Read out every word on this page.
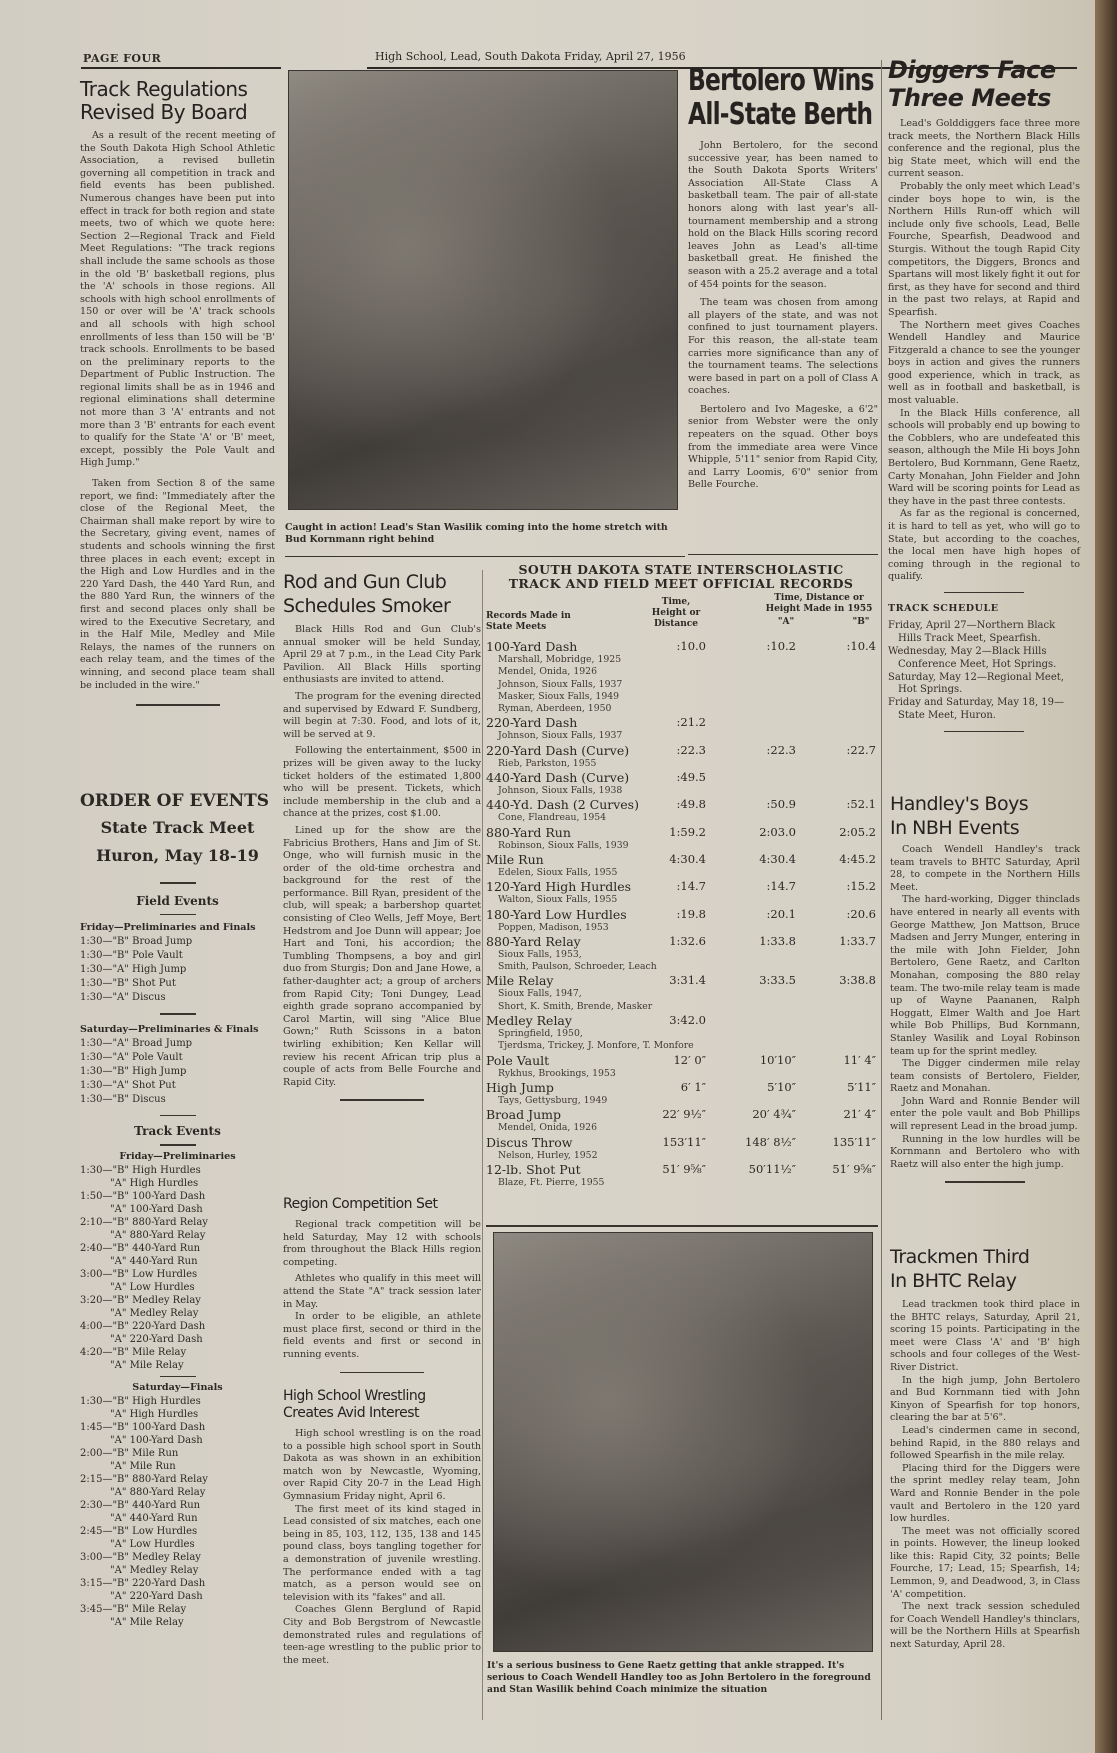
PAGE FOUR	High School, Lead, South Dakota Friday, April 27, 1956
Track Regulations
Revised By Board

As a result of the recent meeting of the South Dakota High School Athletic Association, a revised bulletin governing all competition in track and field events has been published. Numerous changes have been put into effect in track for both region and state meets, two of which we quote here: Section 2—Regional Track and Field Meet Regulations: "The track regions shall include the same schools as those in the old 'B' basketball regions, plus the 'A' schools in those regions. All schools with high school enrollments of 150 or over will be 'A' track schools and all schools with high school enrollments of less than 150 will be 'B' track schools. Enrollments to be based on the preliminary reports to the Department of Public Instruction. The regional limits shall be as in 1946 and regional eliminations shall determine not more than 3 'A' entrants and not more than 3 'B' entrants for each event to qualify for the State 'A' or 'B' meet, except, possibly the Pole Vault and High Jump."

Taken from Section 8 of the same report, we find: "Immediately after the close of the Regional Meet, the Chairman shall make report by wire to the Secretary, giving event, names of students and schools winning the first three places in each event; except in the High and Low Hurdles and in the 220 Yard Dash, the 440 Yard Run, and the 880 Yard Run, the winners of the first and second places only shall be wired to the Executive Secretary, and in the Half Mile, Medley and Mile Relays, the names of the runners on each relay team, and the times of the winning, and second place team shall be included in the wire."

ORDER OF EVENTS
State Track Meet
Huron, May 18-19
Field Events
Friday—Preliminaries and Finals
1:30—"B" Broad Jump
1:30—"B" Pole Vault
1:30—"A" High Jump
1:30—"B" Shot Put
1:30—"A" Discus
Saturday—Preliminaries & Finals
1:30—"A" Broad Jump
1:30—"A" Pole Vault
1:30—"B" High Jump
1:30—"A" Shot Put
1:30—"B" Discus
Track Events
Friday—Preliminaries
1:30—"B" High Hurdles
"A" High Hurdles
1:50—"B" 100-Yard Dash
"A" 100-Yard Dash
2:10—"B" 880-Yard Relay
"A" 880-Yard Relay
2:40—"B" 440-Yard Run
"A" 440-Yard Run
3:00—"B" Low Hurdles
"A" Low Hurdles
3:20—"B" Medley Relay
"A" Medley Relay
4:00—"B" 220-Yard Dash
"A" 220-Yard Dash
4:20—"B" Mile Relay
"A" Mile Relay
Saturday—Finals
1:30—"B" High Hurdles
"A" High Hurdles
1:45—"B" 100-Yard Dash
"A" 100-Yard Dash
2:00—"B" Mile Run
"A" Mile Run
2:15—"B" 880-Yard Relay
"A" 880-Yard Relay
2:30—"B" 440-Yard Run
"A" 440-Yard Run
2:45—"B" Low Hurdles
"A" Low Hurdles
3:00—"B" Medley Relay
"A" Medley Relay
3:15—"B" 220-Yard Dash
"A" 220-Yard Dash
3:45—"B" Mile Relay
"A" Mile Relay
Caught in action! Lead's Stan Wasilik coming into the home stretch with Bud Kornmann right behind
Bertolero Wins
All-State Berth

John Bertolero, for the second successive year, has been named to the South Dakota Sports Writers' Association All-State Class A basketball team. The pair of all-state honors along with last year's all-tournament membership and a strong hold on the Black Hills scoring record leaves John as Lead's all-time basketball great. He finished the season with a 25.2 average and a total of 454 points for the season.

The team was chosen from among all players of the state, and was not confined to just tournament players. For this reason, the all-state team carries more significance than any of the tournament teams. The selections were based in part on a poll of Class A coaches.

Bertolero and Ivo Mageske, a 6'2" senior from Webster were the only repeaters on the squad. Other boys from the immediate area were Vince Whipple, 5'11" senior from Rapid City, and Larry Loomis, 6'0" senior from Belle Fourche.

Diggers Face
Three Meets

Lead's Golddiggers face three more track meets, the Northern Black Hills conference and the regional, plus the big State meet, which will end the current season.

Probably the only meet which Lead's cinder boys hope to win, is the Northern Hills Run-off which will include only five schools, Lead, Belle Fourche, Spearfish, Deadwood and Sturgis. Without the tough Rapid City competitors, the Diggers, Broncs and Spartans will most likely fight it out for first, as they have for second and third in the past two relays, at Rapid and Spearfish.

The Northern meet gives Coaches Wendell Handley and Maurice Fitzgerald a chance to see the younger boys in action and gives the runners good experience, which in track, as well as in football and basketball, is most valuable.

In the Black Hills conference, all schools will probably end up bowing to the Cobblers, who are undefeated this season, although the Mile Hi boys John Bertolero, Bud Kornmann, Gene Raetz, Carty Monahan, John Fielder and John Ward will be scoring points for Lead as they have in the past three contests.

As far as the regional is concerned, it is hard to tell as yet, who will go to State, but according to the coaches, the local men have high hopes of coming through in the regional to qualify.

TRACK SCHEDULE
Friday, April 27—Northern Black Hills Track Meet, Spearfish.
Wednesday, May 2—Black Hills Conference Meet, Hot Springs.
Saturday, May 12—Regional Meet, Hot Springs.
Friday and Saturday, May 18, 19—State Meet, Huron.
Rod and Gun Club
Schedules Smoker

Black Hills Rod and Gun Club's annual smoker will be held Sunday, April 29 at 7 p.m., in the Lead City Park Pavilion. All Black Hills sporting enthusiasts are invited to attend.

The program for the evening directed and supervised by Edward F. Sundberg, will begin at 7:30. Food, and lots of it, will be served at 9.

Following the entertainment, $500 in prizes will be given away to the lucky ticket holders of the estimated 1,800 who will be present. Tickets, which include membership in the club and a chance at the prizes, cost $1.00.

Lined up for the show are the Fabricius Brothers, Hans and Jim of St. Onge, who will furnish music in the order of the old-time orchestra and background for the rest of the performance. Bill Ryan, president of the club, will speak; a barbershop quartet consisting of Cleo Wells, Jeff Moye, Bert Hedstrom and Joe Dunn will appear; Joe Hart and Toni, his accordion; the Tumbling Thompsens, a boy and girl duo from Sturgis; Don and Jane Howe, a father-daughter act; a group of archers from Rapid City; Toni Dungey, Lead eighth grade soprano accompanied by Carol Martin, will sing "Alice Blue Gown;" Ruth Scissons in a baton twirling exhibition; Ken Kellar will review his recent African trip plus a couple of acts from Belle Fourche and Rapid City.

Region Competition Set

Regional track competition will be held Saturday, May 12 with schools from throughout the Black Hills region competing.

Athletes who qualify in this meet will attend the State "A" track session later in May.

In order to be eligible, an athlete must place first, second or third in the field events and first or second in running events.

High School Wrestling
Creates Avid Interest

High school wrestling is on the road to a possible high school sport in South Dakota as was shown in an exhibition match won by Newcastle, Wyoming, over Rapid City 20-7 in the Lead High Gymnasium Friday night, April 6.

The first meet of its kind staged in Lead consisted of six matches, each one being in 85, 103, 112, 135, 138 and 145 pound class, boys tangling together for a demonstration of juvenile wrestling. The performance ended with a tag match, as a person would see on television with its "fakes" and all.

Coaches Glenn Berglund of Rapid City and Bob Bergstrom of Newcastle demonstrated rules and regulations of teen-age wrestling to the public prior to the meet.

SOUTH DAKOTA STATE INTERSCHOLASTIC
TRACK AND FIELD MEET OFFICIAL RECORDS
Records Made in
State Meets
Time,
Height or
Distance
Time, Distance or
Height Made in 1955
"A"	"B"
100-Yard Dash	:10.0	:10.2	:10.4
Marshall, Mobridge, 1925
Mendel, Onida, 1926
Johnson, Sioux Falls, 1937
Masker, Sioux Falls, 1949
Ryman, Aberdeen, 1950
220-Yard Dash	:21.2
Johnson, Sioux Falls, 1937
220-Yard Dash (Curve)	:22.3	:22.3	:22.7
Rieb, Parkston, 1955
440-Yard Dash (Curve)	:49.5
Johnson, Sioux Falls, 1938
440-Yd. Dash (2 Curves)	:49.8	:50.9	:52.1
Cone, Flandreau, 1954
880-Yard Run	1:59.2	2:03.0	2:05.2
Robinson, Sioux Falls, 1939
Mile Run	4:30.4	4:30.4	4:45.2
Edelen, Sioux Falls, 1955
120-Yard High Hurdles	:14.7	:14.7	:15.2
Walton, Sioux Falls, 1955
180-Yard Low Hurdles	:19.8	:20.1	:20.6
Poppen, Madison, 1953
880-Yard Relay	1:32.6	1:33.8	1:33.7
Sioux Falls, 1953,
Smith, Paulson, Schroeder, Leach
Mile Relay	3:31.4	3:33.5	3:38.8
Sioux Falls, 1947,
Short, K. Smith, Brende, Masker
Medley Relay	3:42.0
Springfield, 1950,
Tjerdsma, Trickey, J. Monfore, T. Monfore
Pole Vault	12′ 0″	10′10″	11′ 4″
Rykhus, Brookings, 1953
High Jump	6′ 1″	5′10″	5′11″
Tays, Gettysburg, 1949
Broad Jump	22′ 9½″	20′ 4¾″	21′ 4″
Mendel, Onida, 1926
Discus Throw	153′11″	148′ 8½″	135′11″
Nelson, Hurley, 1952
12-lb. Shot Put	51′ 9⅝″	50′11½″	51′ 9⅝″
Blaze, Ft. Pierre, 1955
It's a serious business to Gene Raetz getting that ankle strapped. It's serious to Coach Wendell Handley too as John Bertolero in the foreground and Stan Wasilik behind Coach minimize the situation
Handley's Boys
In NBH Events

Coach Wendell Handley's track team travels to BHTC Saturday, April 28, to compete in the Northern Hills Meet.

The hard-working, Digger thinclads have entered in nearly all events with George Matthew, Jon Mattson, Bruce Madsen and Jerry Munger, entering in the mile with John Fielder, John Bertolero, Gene Raetz, and Carlton Monahan, composing the 880 relay team. The two-mile relay team is made up of Wayne Paananen, Ralph Hoggatt, Elmer Walth and Joe Hart while Bob Phillips, Bud Kornmann, Stanley Wasilik and Loyal Robinson team up for the sprint medley.

The Digger cindermen mile relay team consists of Bertolero, Fielder, Raetz and Monahan.

John Ward and Ronnie Bender will enter the pole vault and Bob Phillips will represent Lead in the broad jump.

Running in the low hurdles will be Kornmann and Bertolero who with Raetz will also enter the high jump.

Trackmen Third
In BHTC Relay

Lead trackmen took third place in the BHTC relays, Saturday, April 21, scoring 15 points. Participating in the meet were Class 'A' and 'B' high schools and four colleges of the West-River District.

In the high jump, John Bertolero and Bud Kornmann tied with John Kinyon of Spearfish for top honors, clearing the bar at 5'6".

Lead's cindermen came in second, behind Rapid, in the 880 relays and followed Spearfish in the mile relay.

Placing third for the Diggers were the sprint medley relay team, John Ward and Ronnie Bender in the pole vault and Bertolero in the 120 yard low hurdles.

The meet was not officially scored in points. However, the lineup looked like this: Rapid City, 32 points; Belle Fourche, 17; Lead, 15; Spearfish, 14; Lemmon, 9, and Deadwood, 3, in Class 'A' competition.

The next track session scheduled for Coach Wendell Handley's thinclars, will be the Northern Hills at Spearfish next Saturday, April 28.
